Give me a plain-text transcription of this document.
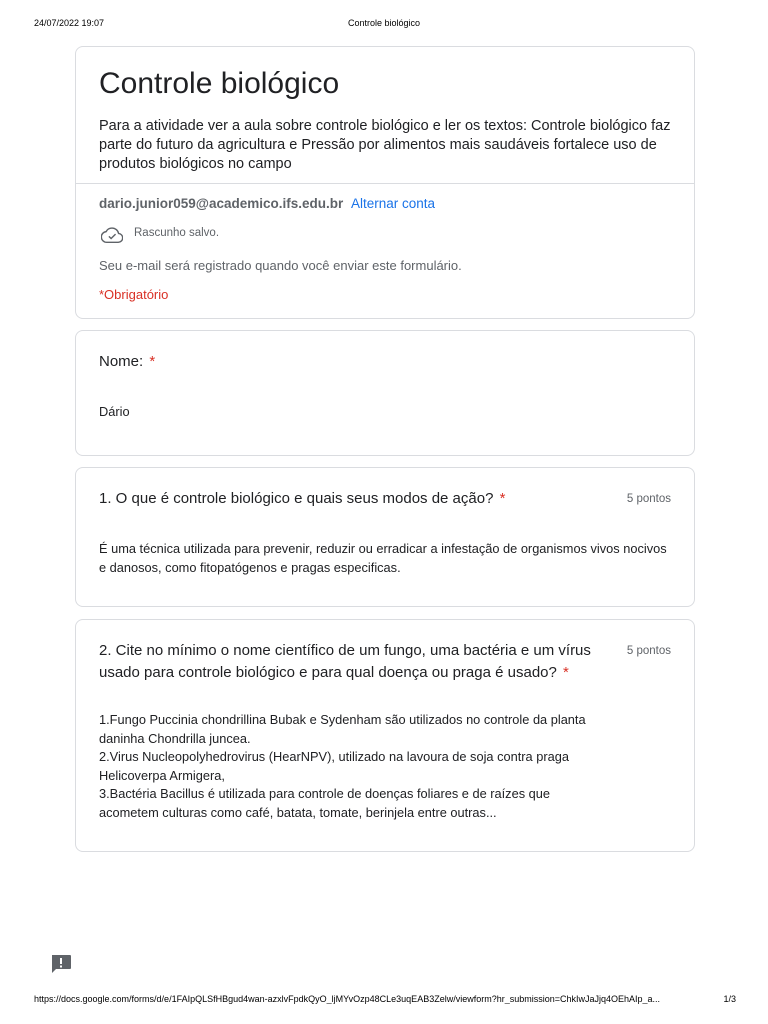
24/07/2022 19:07	Controle biológico
Controle biológico
Para a atividade ver a aula sobre controle biológico e ler os textos: Controle biológico faz parte do futuro da agricultura e Pressão por alimentos mais saudáveis fortalece uso de produtos biológicos no campo
dario.junior059@academico.ifs.edu.br Alternar conta
Rascunho salvo.
Seu e-mail será registrado quando você enviar este formulário.
*Obrigatório
Nome: *
Dário
1. O que é controle biológico e quais seus modos de ação? *	5 pontos
É uma técnica utilizada para prevenir, reduzir ou erradicar a infestação de organismos vivos nocivos e danosos, como fitopatógenos e pragas especificas.
2. Cite no mínimo o nome científico de um fungo, uma bactéria e um vírus usado para controle biológico e para qual doença ou praga é usado? *
5 pontos
1.Fungo Puccinia chondrillina Bubak e Sydenham são utilizados no controle da planta
daninha Chondrilla juncea.
2.Virus Nucleopolyhedrovirus (HearNPV), utilizado na lavoura de soja contra praga
Helicoverpa Armigera,
3.Bactéria Bacillus é utilizada para controle de doenças foliares e de raízes que
acometem culturas como café, batata, tomate, berinjela entre outras...
https://docs.google.com/forms/d/e/1FAIpQLSfHBgud4wan-azxlvFpdkQyO_ljMYvOzp48CLe3uqEAB3Zelw/viewform?hr_submission=ChkIwJaJjq4OEhAIp_a...	1/3
